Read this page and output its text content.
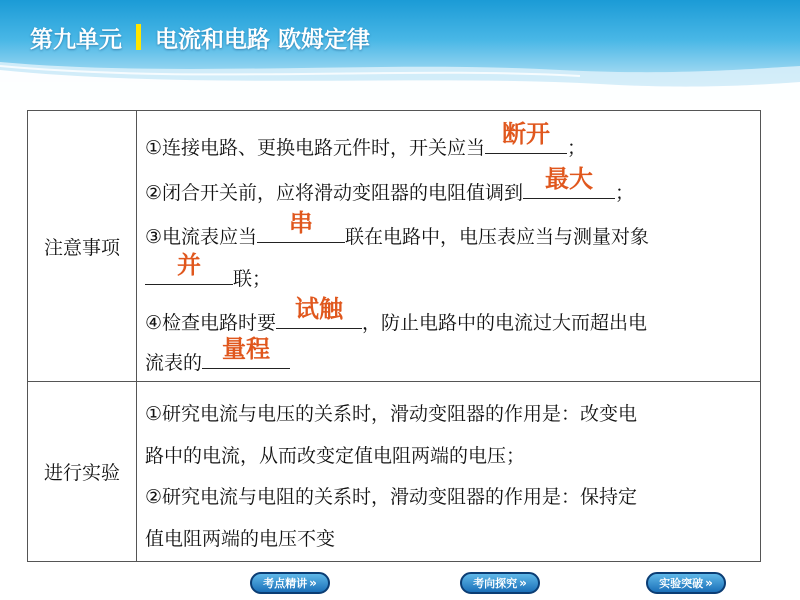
第九单元 电流和电路 欧姆定律
注意事项
①连接电路、更换电路元件时，开关应当 断开 ；
②闭合开关前，应将滑动变阻器的电阻值调到 最大 ；
③电流表应当 串 联在电路中，电压表应当与测量对象
并 联；
④检查电路时要 试触 ，防止电路中的电流过大而超出电
流表的 量程
进行实验
①研究电流与电压的关系时，滑动变阻器的作用是：改变电
路中的电流，从而改变定值电阻两端的电压；
②研究电流与电阻的关系时，滑动变阻器的作用是：保持定
值电阻两端的电压不变
考点精讲 »	考向探究 »	实验突破 »
